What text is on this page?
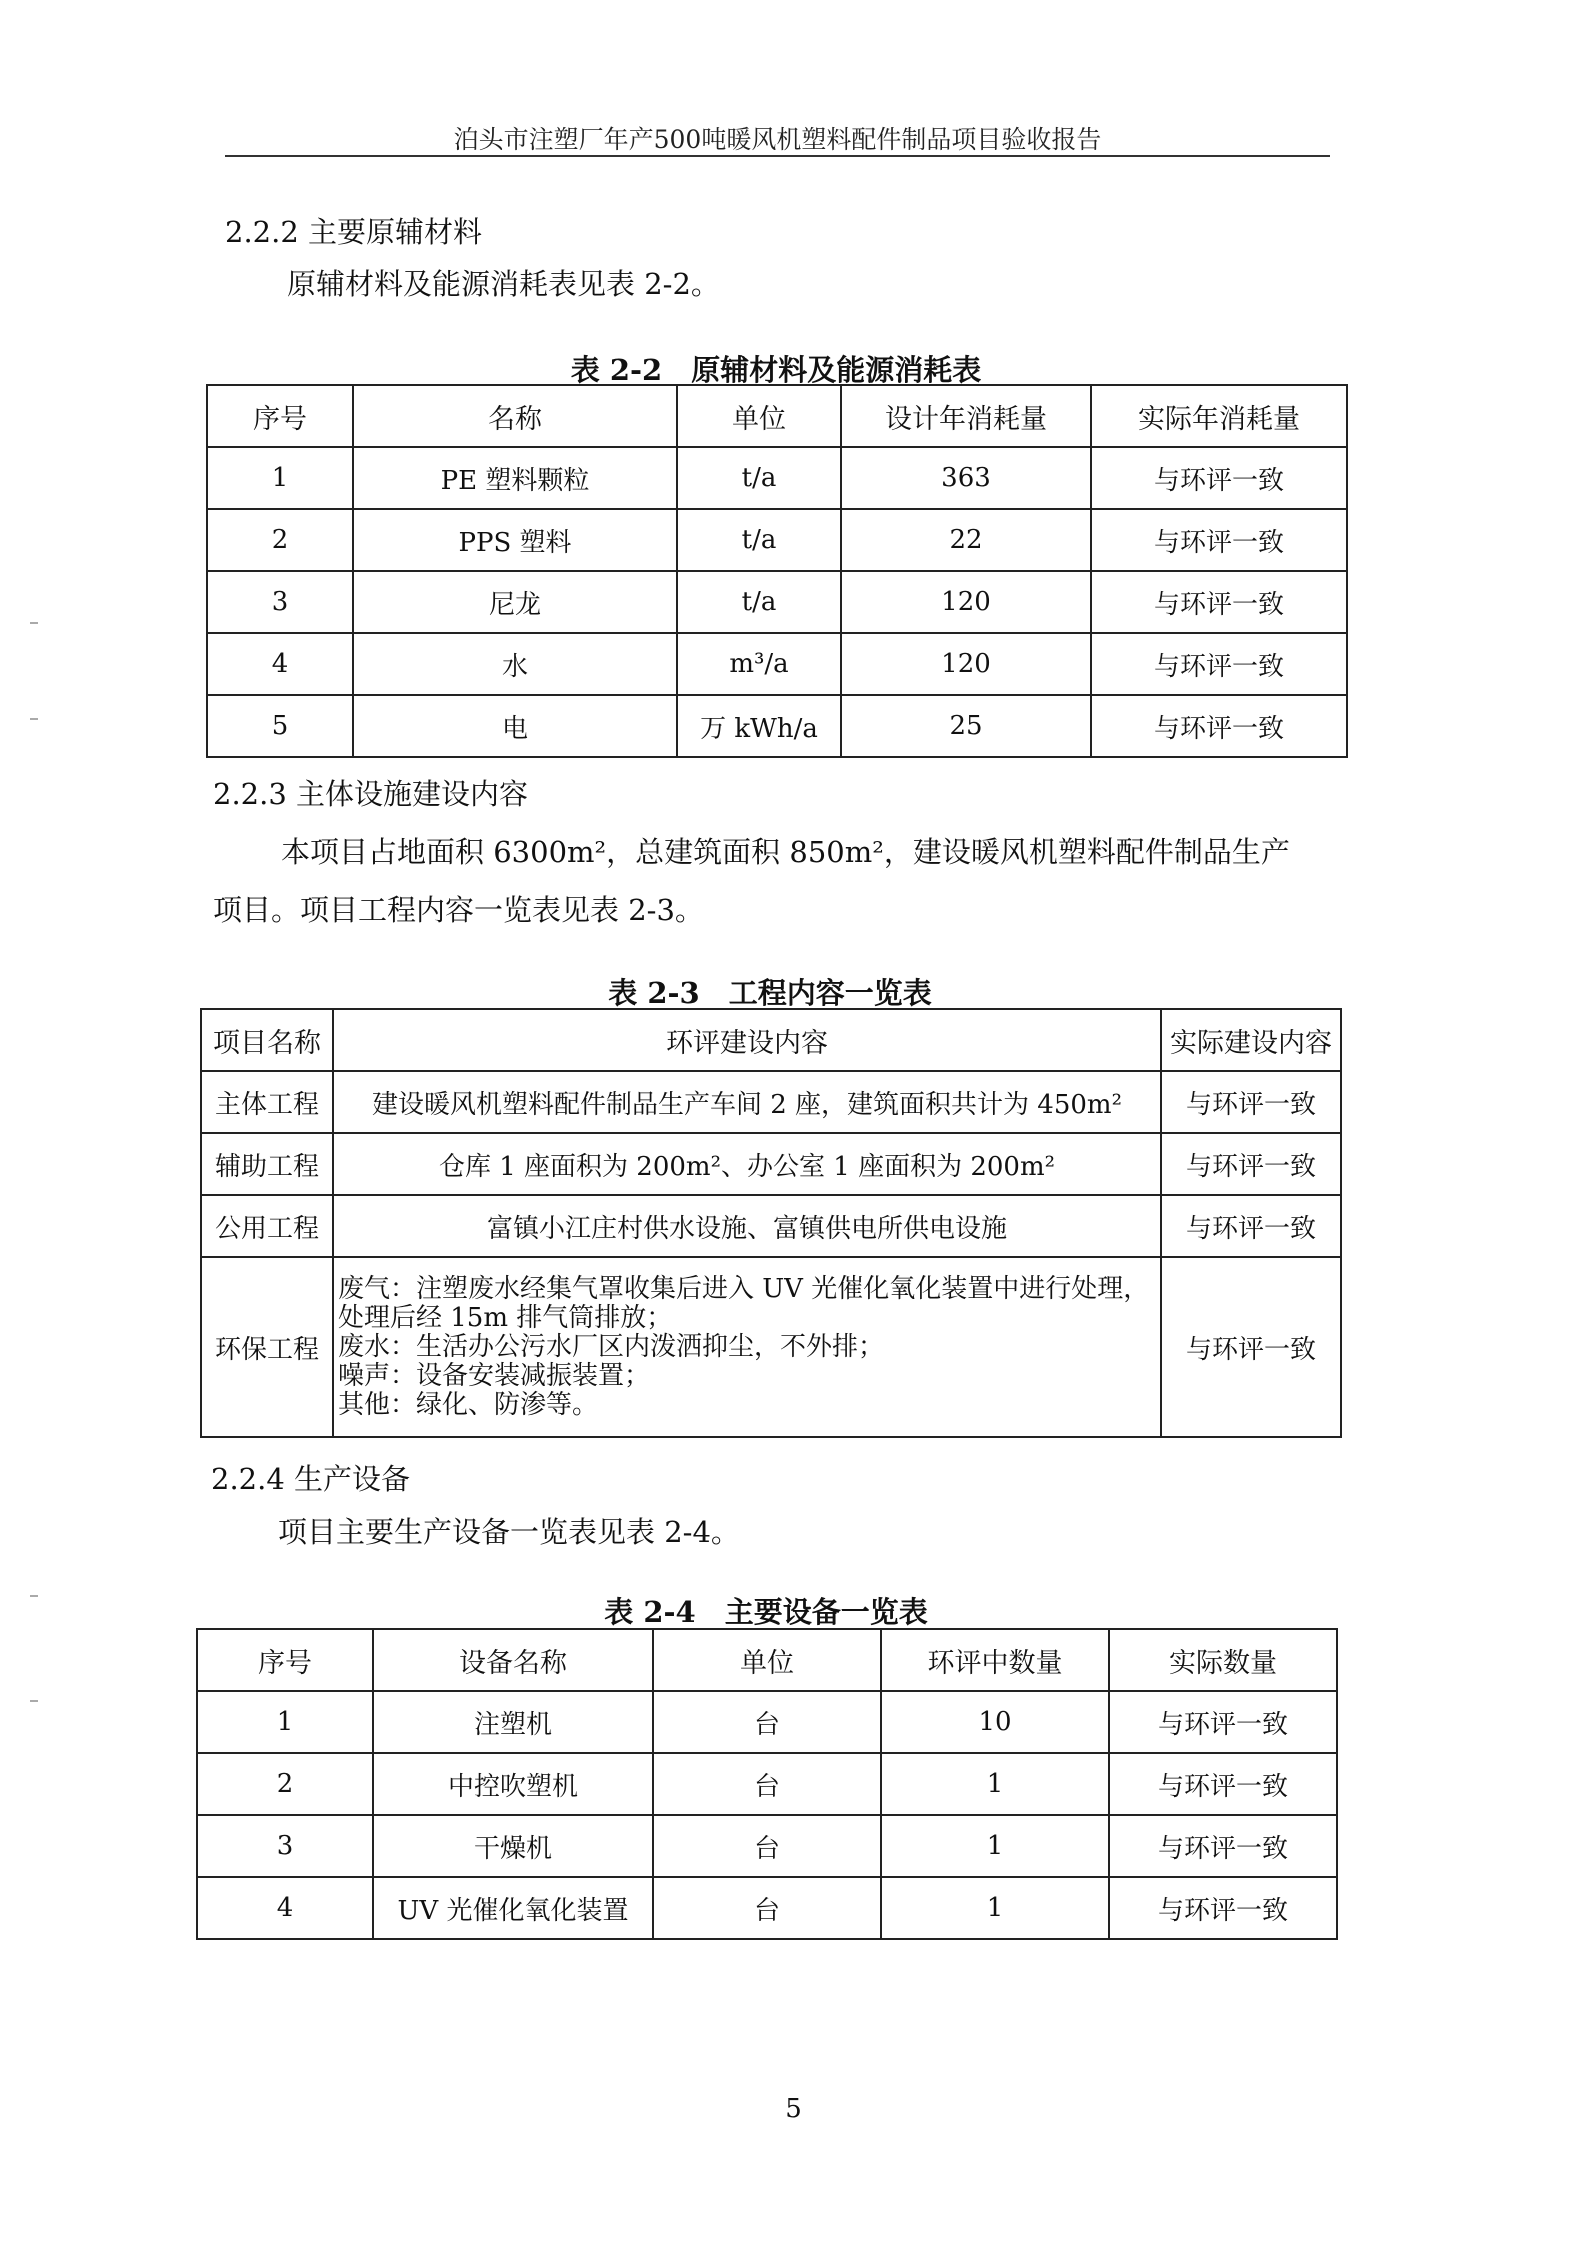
泊头市注塑厂年产500吨暖风机塑料配件制品项目验收报告
2.2.2 主要原辅材料
原辅材料及能源消耗表见表 2-2。
表 2-2　原辅材料及能源消耗表
序号	名称	单位	设计年消耗量	实际年消耗量
1	PE 塑料颗粒	t/a	363	与环评一致
2	PPS 塑料	t/a	22	与环评一致
3	尼龙	t/a	120	与环评一致
4	水	m³/a	120	与环评一致
5	电	万 kWh/a	25	与环评一致
2.2.3 主体设施建设内容
本项目占地面积 6300m²，总建筑面积 850m²，建设暖风机塑料配件制品生产
项目。项目工程内容一览表见表 2-3。
表 2-3　工程内容一览表
项目名称	环评建设内容	实际建设内容
主体工程	建设暖风机塑料配件制品生产车间 2 座，建筑面积共计为 450m²	与环评一致
辅助工程	仓库 1 座面积为 200m²、办公室 1 座面积为 200m²	与环评一致
公用工程	富镇小江庄村供水设施、富镇供电所供电设施	与环评一致
环保工程	废气：注塑废水经集气罩收集后进入 UV 光催化氧化装置中进行处理，处理后经 15m 排气筒排放；
废水：生活办公污水厂区内泼洒抑尘，不外排；
噪声：设备安装减振装置；
其他：绿化、防渗等。	与环评一致
2.2.4 生产设备
项目主要生产设备一览表见表 2-4。
表 2-4　主要设备一览表
序号	设备名称	单位	环评中数量	实际数量
1	注塑机	台	10	与环评一致
2	中控吹塑机	台	1	与环评一致
3	干燥机	台	1	与环评一致
4	UV 光催化氧化装置	台	1	与环评一致
5
